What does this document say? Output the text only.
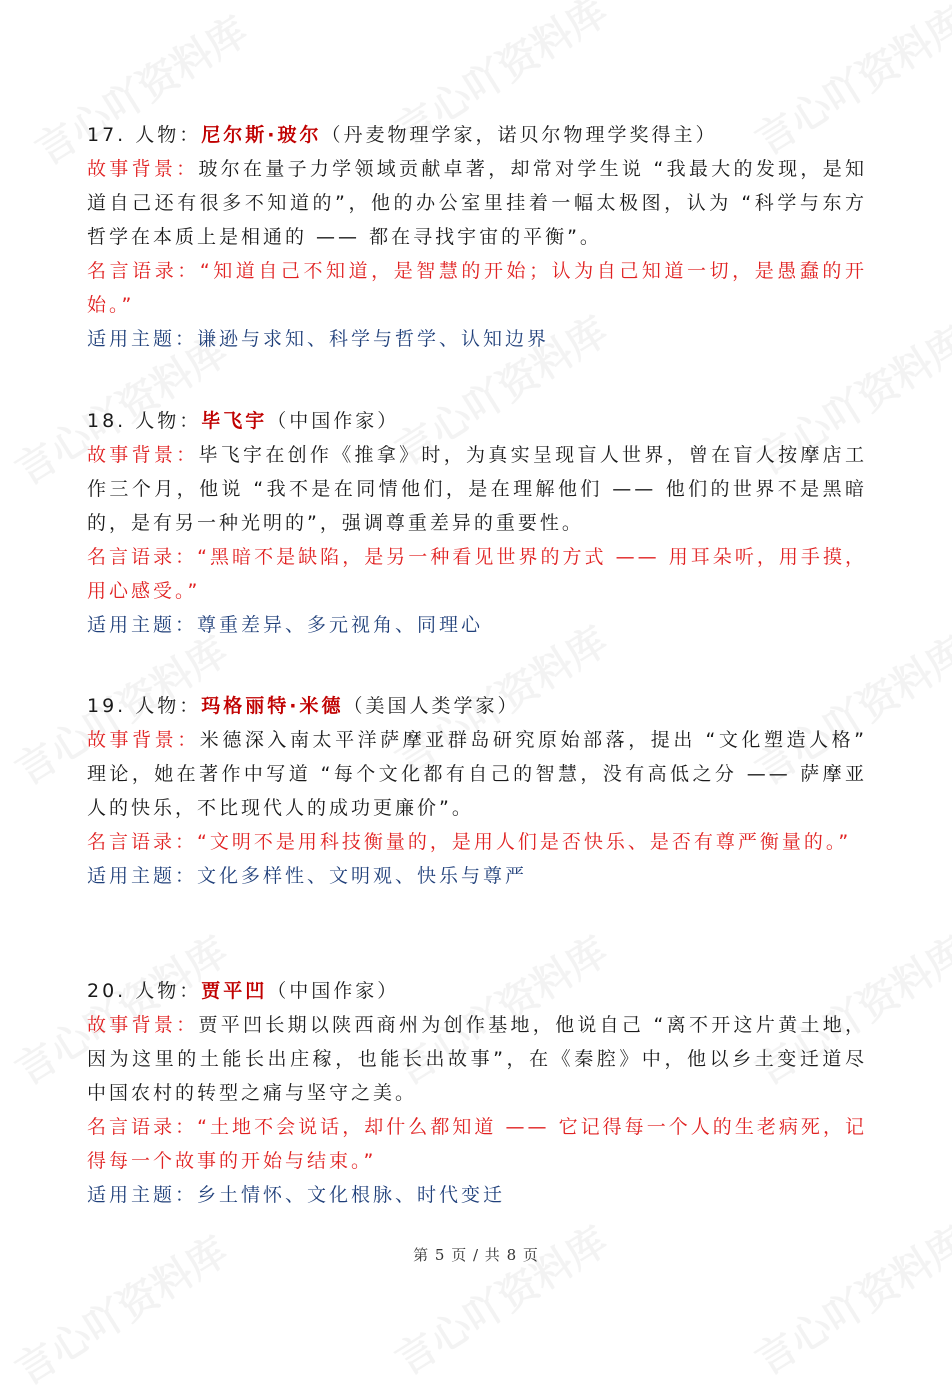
17. 人物：尼尔斯·玻尔（丹麦物理学家，诺贝尔物理学奖得主）

故事背景：玻尔在量子力学领域贡献卓著，却常对学生说 “我最大的发现，是知道自己还有很多不知道的”，他的办公室里挂着一幅太极图，认为 “科学与东方哲学在本质上是相通的 —— 都在寻找宇宙的平衡”。

名言语录：“知道自己不知道，是智慧的开始；认为自己知道一切，是愚蠢的开始。”

适用主题：谦逊与求知、科学与哲学、认知边界

18. 人物：毕飞宇（中国作家）

故事背景：毕飞宇在创作《推拿》时，为真实呈现盲人世界，曾在盲人按摩店工作三个月，他说 “我不是在同情他们，是在理解他们 —— 他们的世界不是黑暗的，是有另一种光明的”，强调尊重差异的重要性。

名言语录：“黑暗不是缺陷，是另一种看见世界的方式 —— 用耳朵听，用手摸，用心感受。”

适用主题：尊重差异、多元视角、同理心

19. 人物：玛格丽特·米德（美国人类学家）

故事背景：米德深入南太平洋萨摩亚群岛研究原始部落，提出 “文化塑造人格” 理论，她在著作中写道 “每个文化都有自己的智慧，没有高低之分 —— 萨摩亚人的快乐，不比现代人的成功更廉价”。

名言语录：“文明不是用科技衡量的，是用人们是否快乐、是否有尊严衡量的。”

适用主题：文化多样性、文明观、快乐与尊严

20. 人物：贾平凹（中国作家）

故事背景：贾平凹长期以陕西商州为创作基地，他说自己 “离不开这片黄土地，因为这里的土能长出庄稼，也能长出故事”，在《秦腔》中，他以乡土变迁道尽中国农村的转型之痛与坚守之美。

名言语录：“土地不会说话，却什么都知道 —— 它记得每一个人的生老病死，记得每一个故事的开始与结束。”

适用主题：乡土情怀、文化根脉、时代变迁

第 5 页 / 共 8 页
